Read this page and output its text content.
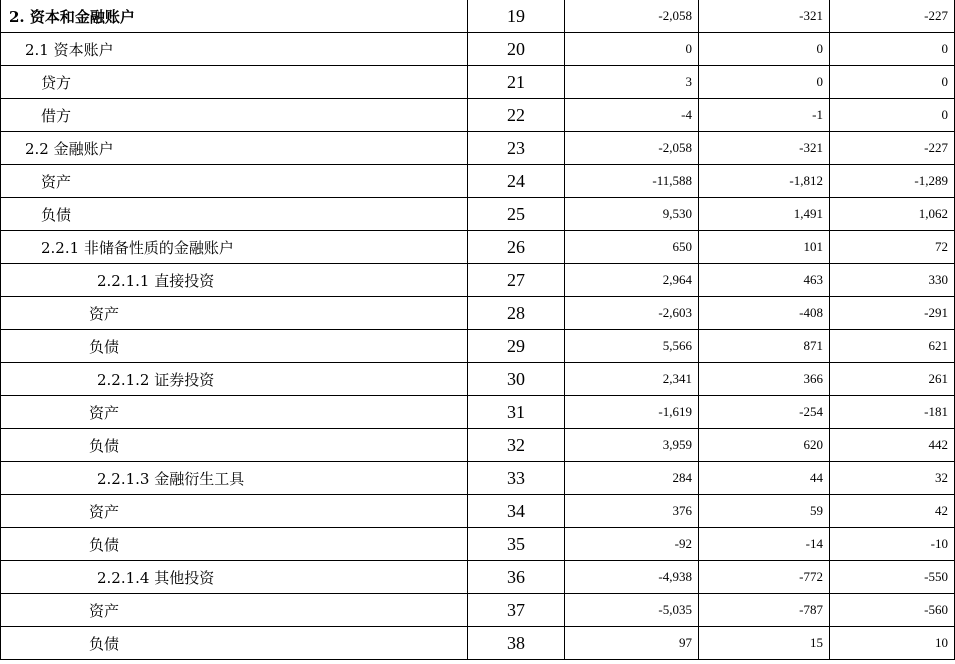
2. 资本和金融账户	19	-2,058	-321	-227
2.1 资本账户	20	0	0	0
贷方	21	3	0	0
借方	22	-4	-1	0
2.2 金融账户	23	-2,058	-321	-227
资产	24	-11,588	-1,812	-1,289
负债	25	9,530	1,491	1,062
2.2.1 非储备性质的金融账户	26	650	101	72
2.2.1.1 直接投资	27	2,964	463	330
资产	28	-2,603	-408	-291
负债	29	5,566	871	621
2.2.1.2 证券投资	30	2,341	366	261
资产	31	-1,619	-254	-181
负债	32	3,959	620	442
2.2.1.3 金融衍生工具	33	284	44	32
资产	34	376	59	42
负债	35	-92	-14	-10
2.2.1.4 其他投资	36	-4,938	-772	-550
资产	37	-5,035	-787	-560
负债	38	97	15	10
